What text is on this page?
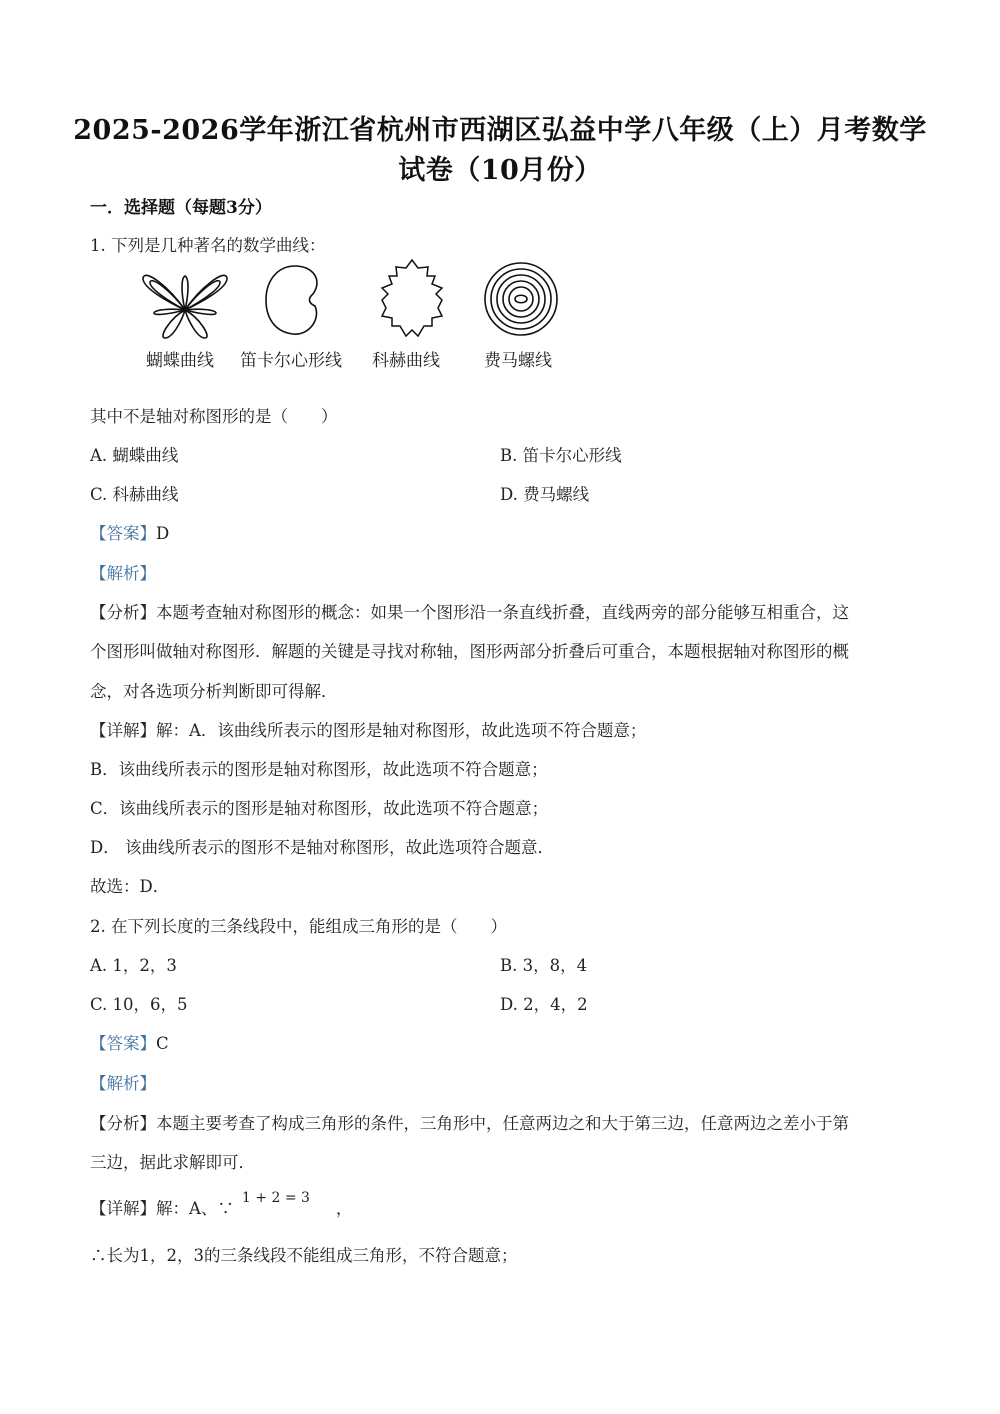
2025-2026学年浙江省杭州市西湖区弘益中学八年级（上）月考数学
试卷（10月份）
一．选择题（每题3分）
1. 下列是几种著名的数学曲线：
蝴蝶曲线 笛卡尔心形线 科赫曲线	费马螺线
其中不是轴对称图形的是（　　）
A. 蝴蝶曲线	B. 笛卡尔心形线
C. 科赫曲线	D. 费马螺线
【答案】D
【解析】
【分析】本题考查轴对称图形的概念：如果一个图形沿一条直线折叠，直线两旁的部分能够互相重合，这
个图形叫做轴对称图形．解题的关键是寻找对称轴，图形两部分折叠后可重合，本题根据轴对称图形的概
念，对各选项分析判断即可得解．
【详解】解：A．该曲线所表示的图形是轴对称图形，故此选项不符合题意；
B．该曲线所表示的图形是轴对称图形，故此选项不符合题意；
C．该曲线所表示的图形是轴对称图形，故此选项不符合题意；
D． 该曲线所表示的图形不是轴对称图形，故此选项符合题意．
故选：D．
2. 在下列长度的三条线段中，能组成三角形的是（　　）
A. 1，2，3	B. 3，8，4
C. 10，6，5	D. 2，4，2
【答案】C
【解析】
【分析】本题主要考查了构成三角形的条件，三角形中，任意两边之和大于第三边，任意两边之差小于第
三边，据此求解即可．
【详解】解：A、∵$^{1 + 2 = 3}$，
∴长为1，2，3的三条线段不能组成三角形，不符合题意；
